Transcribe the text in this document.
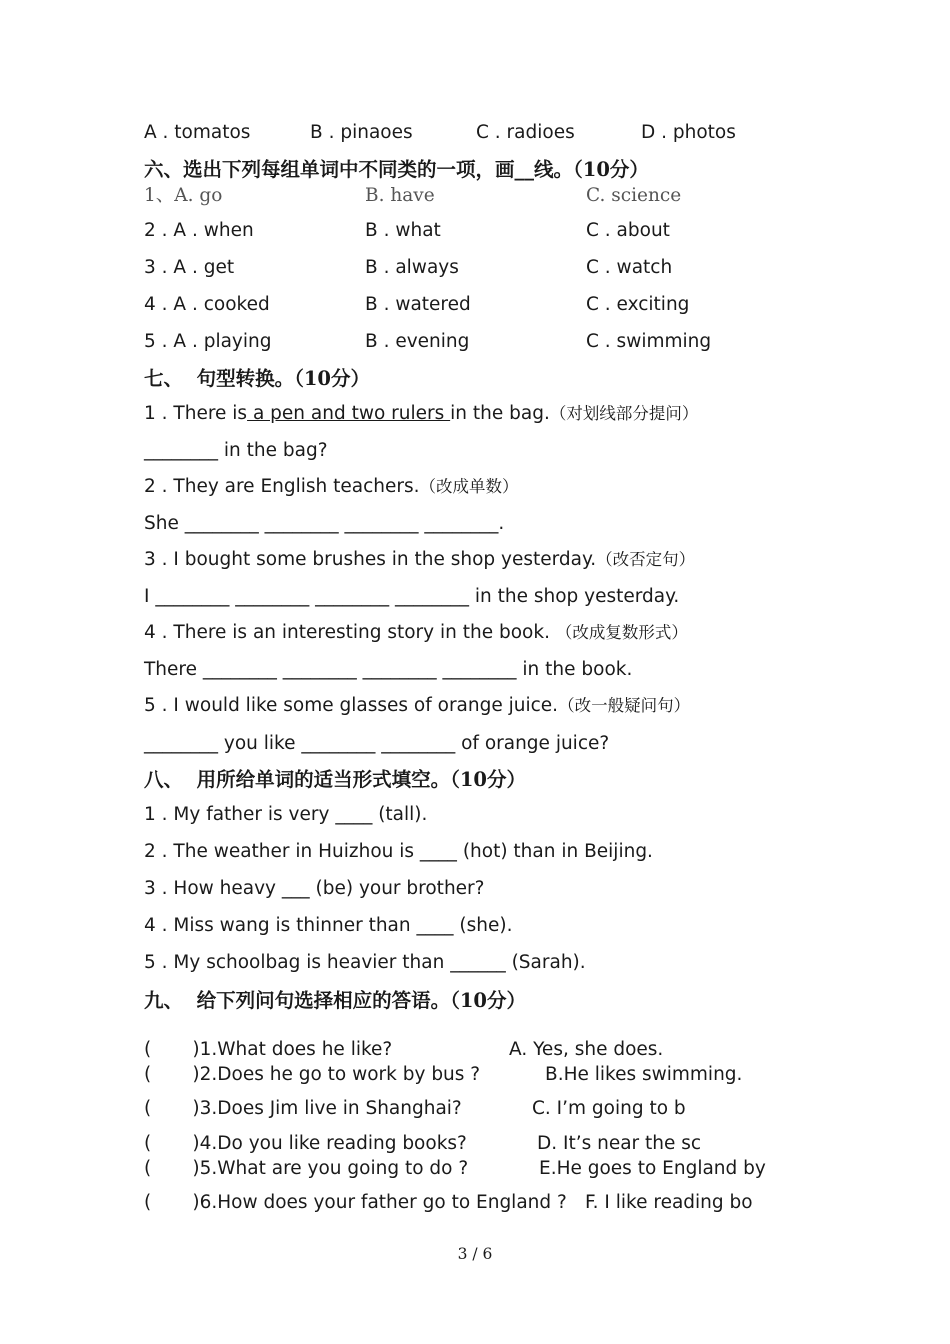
A . tomatos	B . pinaoes	C . radioes	D . photos
六、选出下列每组单词中不同类的一项，画__线。（10分）
1、A. go	B. have	C. science
2 . A . when	B . what	C . about
3 . A . get	B . always	C . watch
4 . A . cooked	B . watered	C . exciting
5 . A . playing	B . evening	C . swimming
七、  句型转换。（10分）
1 . There is a pen and two rulers in the bag.（对划线部分提问）
________ in the bag?
2 . They are English teachers.（改成单数）
She ________ ________ ________ ________.
3 . I bought some brushes in the shop yesterday.（改否定句）
I ________ ________ ________ ________ in the shop yesterday.
4 . There is an interesting story in the book. （改成复数形式）
There ________ ________ ________ ________ in the book.
5 . I would like some glasses of orange juice.（改一般疑问句）
________ you like ________ ________ of orange juice?
八、  用所给单词的适当形式填空。（10分）
1 . My father is very ____ (tall).
2 . The weather in Huizhou is ____ (hot) than in Beijing.
3 . How heavy ___ (be) your brother?
4 . Miss wang is thinner than ____ (she).
5 . My schoolbag is heavier than ______ (Sarah).
九、  给下列问句选择相应的答语。（10分）
(       )1.What does he like?	A. Yes, she does.
(       )2.Does he go to work by bus ?	B.He likes swimming.
(       )3.Does Jim live in Shanghai?	C. I’m going to b
(       )4.Do you like reading books?	D. It’s near the sc
(       )5.What are you going to do ?	E.He goes to England by
(       )6.How does your father go to England ? F. I like reading bo
3 / 6
